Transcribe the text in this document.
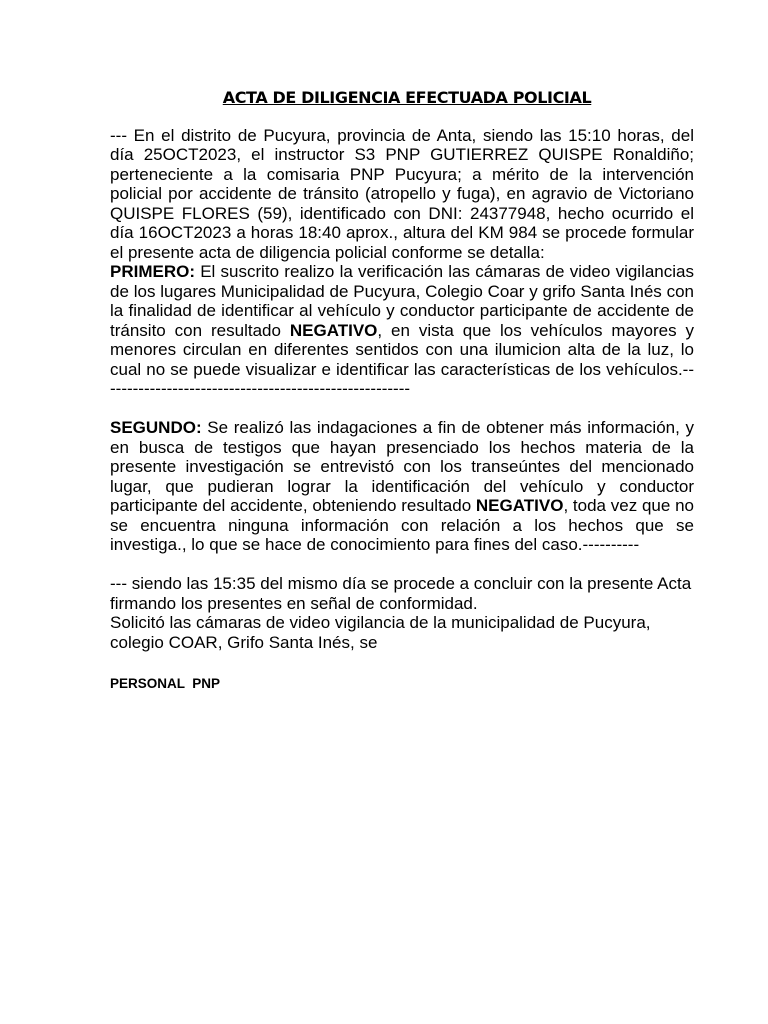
ACTA DE DILIGENCIA EFECTUADA POLICIAL

--- En el distrito de Pucyura, provincia de Anta, siendo las 15:10 horas, del día 25OCT2023, el instructor S3 PNP GUTIERREZ QUISPE Ronaldiño; perteneciente a la comisaria PNP Pucyura; a mérito de la intervención policial por accidente de tránsito (atropello y fuga), en agravio de Victoriano QUISPE FLORES (59), identificado con DNI: 24377948, hecho ocurrido el día 16OCT2023 a horas 18:40 aprox., altura del KM 984 se procede formular el presente acta de diligencia policial conforme se detalla:

PRIMERO: El suscrito realizo la verificación las cámaras de video vigilancias de los lugares Municipalidad de Pucyura, Colegio Coar y grifo Santa Inés con la finalidad de identificar al vehículo y conductor participante de accidente de tránsito con resultado NEGATIVO, en vista que los vehículos mayores y menores circulan en diferentes sentidos con una ilumicion alta de la luz, lo cual no se puede visualizar e identificar las características de los vehículos.-------------------------------------------------------

SEGUNDO: Se realizó las indagaciones a fin de obtener más información, y en busca de testigos que hayan presenciado los hechos materia de la presente investigación se entrevistó con los transeúntes del mencionado lugar, que pudieran lograr la identificación del vehículo y conductor participante del accidente, obteniendo resultado NEGATIVO, toda vez que no se encuentra ninguna información con relación a los hechos que se investiga., lo que se hace de conocimiento para fines del caso.----------

--- siendo las 15:35 del mismo día se procede a concluir con la presente Acta firmando los presentes en señal de conformidad.

Solicitó las cámaras de video vigilancia de la municipalidad de Pucyura, colegio COAR, Grifo Santa Inés, se

PERSONAL  PNP
